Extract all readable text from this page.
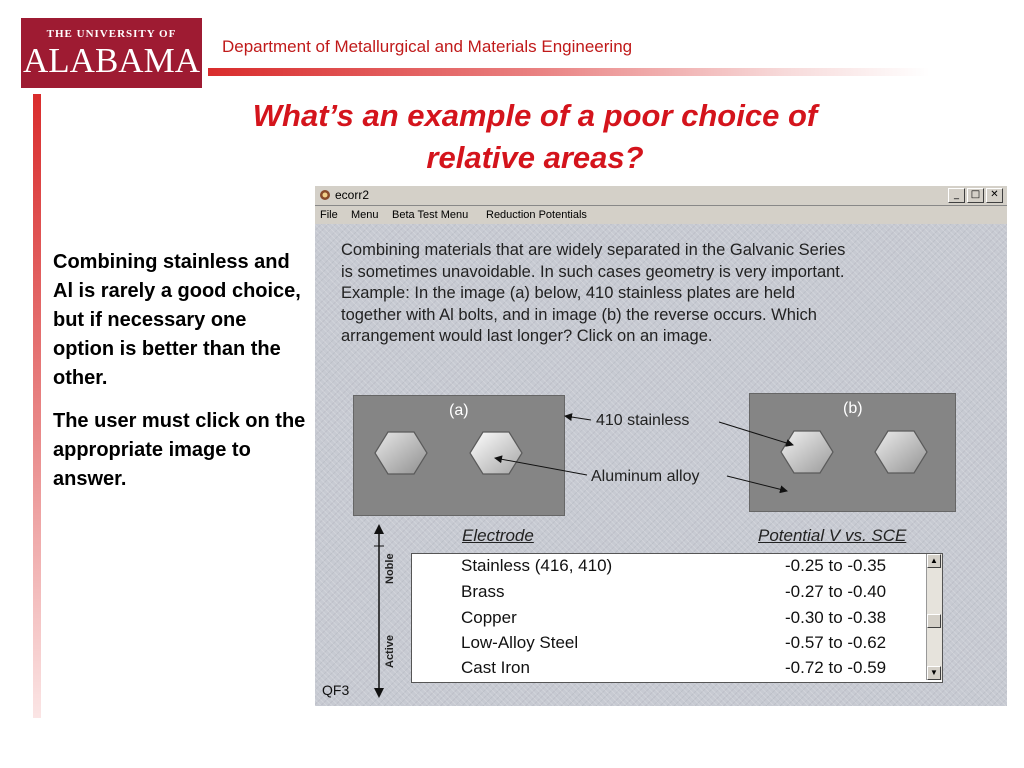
THE UNIVERSITY OF
ALABAMA Department of Metallurgical and Materials Engineering
What’s an example of a poor choice of
relative areas?

Combining stainless and Al is rarely a good choice, but if necessary one option is better than the other.

The user must click on the appropriate image to answer.

ecorr2	_	□	✕
File Menu Beta Test Menu Reduction Potentials
Combining materials that are widely separated in the Galvanic Series
is sometimes unavoidable. In such cases geometry is very important.
Example: In the image (a) below, 410 stainless plates are held
together with Al bolts, and in image (b) the reverse occurs. Which
arrangement would last longer? Click on an image.
(a)	(b)
410 stainless
Aluminum alloy
Electrode	Potential V vs. SCE
Noble
Active
QF3
Stainless (416, 410)	-0.25 to -0.35
Brass	-0.27 to -0.40
Copper	-0.30 to -0.38
Low-Alloy Steel	-0.57 to -0.62
Cast Iron	-0.72 to -0.59
▲
▼
